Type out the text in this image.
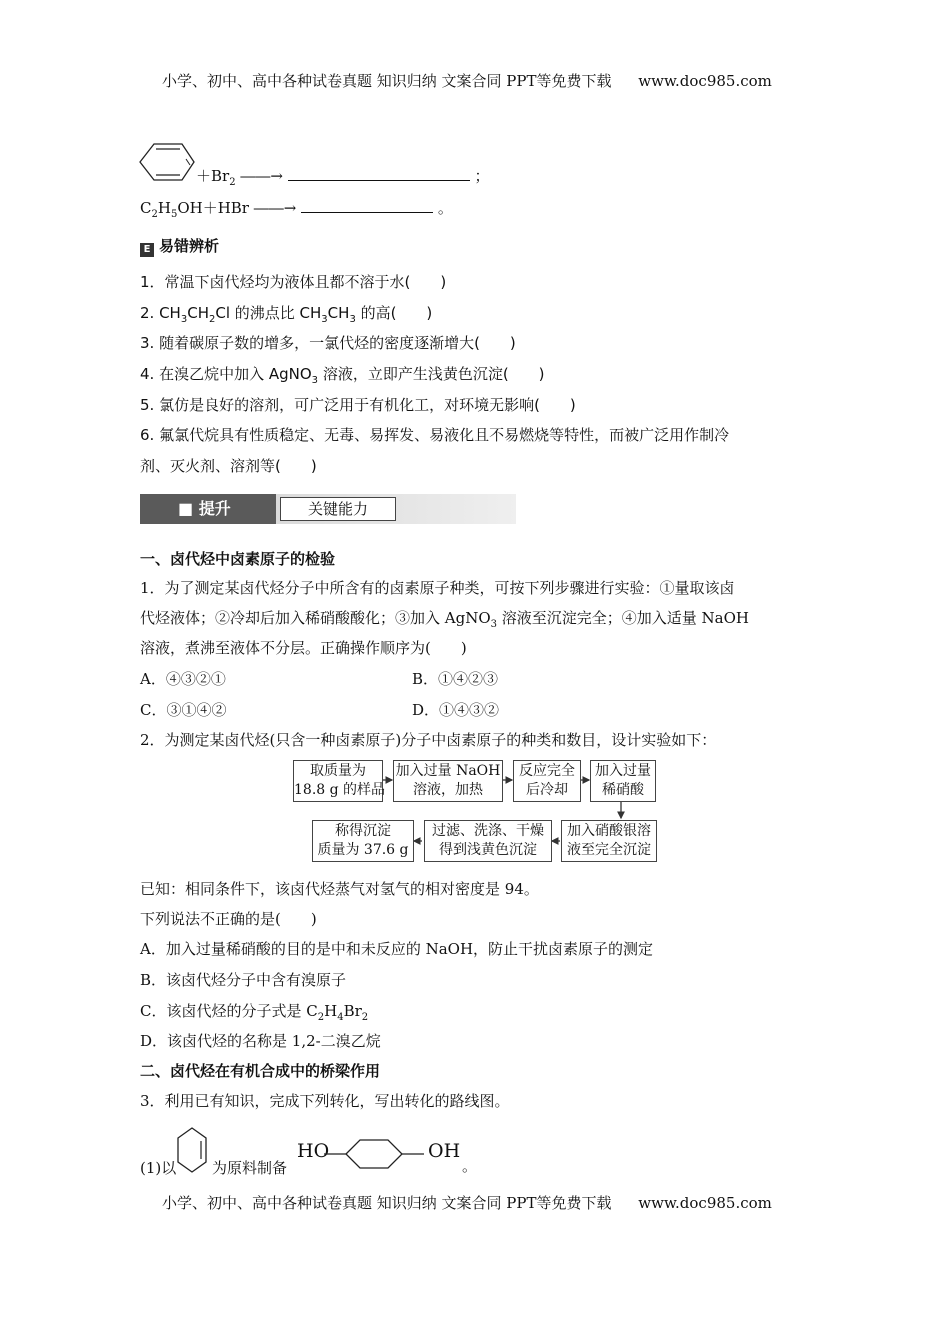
小学、初中、高中各种试卷真题 知识归纳 文案合同 PPT等免费下载 www.doc985.com
$+Br_2$ ――→	；
$C_2H_5OH+HBr$ ――→	。
E 易错辨析
1．常温下卤代烃均为液体且都不溶于水(　　)
2. $CH_3CH_2Cl$ 的沸点比 $CH_3CH_3$ 的高(　　)
3. 随着碳原子数的增多，一氯代烃的密度逐渐增大(　　)
4. 在溴乙烷中加入 AgNO$_3$ 溶液，立即产生浅黄色沉淀(　　)
5. 氯仿是良好的溶剂，可广泛用于有机化工，对环境无影响(　　)
6. 氟氯代烷具有性质稳定、无毒、易挥发、易液化且不易燃烧等特性，而被广泛用作制冷
剂、灭火剂、溶剂等(　　)
■ 提升	关键能力
一、卤代烃中卤素原子的检验
1．为了测定某卤代烃分子中所含有的卤素原子种类，可按下列步骤进行实验：①量取该卤
代烃液体；②冷却后加入稀硝酸酸化；③加入 AgNO$_3$ 溶液至沉淀完全；④加入适量 NaOH
溶液，煮沸至液体不分层。正确操作顺序为(　　)
A．④③②①	B．①④②③
C．③①④②	D．①④③②
2．为测定某卤代烃(只含一种卤素原子)分子中卤素原子的种类和数目，设计实验如下：
取质量为
18.8 g 的样品
加入过量 NaOH
溶液，加热
反应完全
后冷却
加入过量
稀硝酸
加入硝酸银溶
液至完全沉淀
过滤、洗涤、干燥
得到浅黄色沉淀
称得沉淀
质量为 37.6 g
已知：相同条件下，该卤代烃蒸气对氢气的相对密度是 94。
下列说法不正确的是(　　)
A．加入过量稀硝酸的目的是中和未反应的 NaOH，防止干扰卤素原子的测定
B．该卤代烃分子中含有溴原子
C．该卤代烃的分子式是 $C_2H_4Br_2$
D．该卤代烃的名称是 1,2-二溴乙烷
二、卤代烃在有机合成中的桥梁作用
3．利用已有知识，完成下列转化，写出转化的路线图。
(1)以 为原料制备
HO	OH
。
小学、初中、高中各种试卷真题 知识归纳 文案合同 PPT等免费下载 www.doc985.com
